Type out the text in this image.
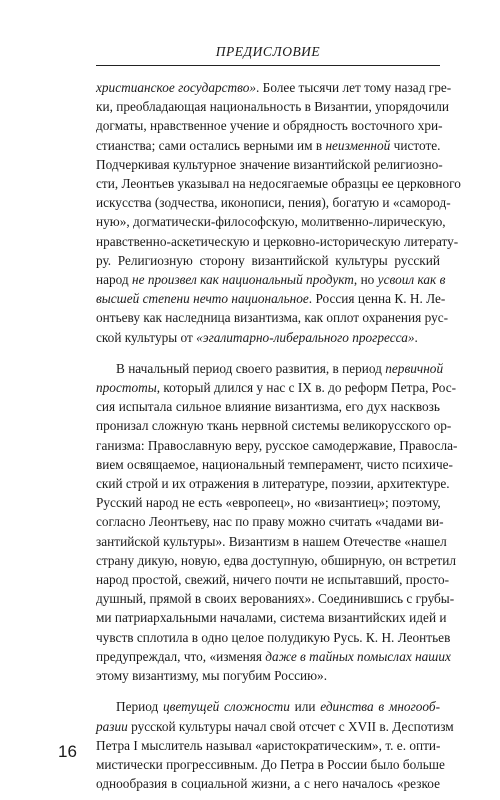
ПРЕДИСЛОВИЕ
христианское государство». Более тысячи лет тому назад гре-
ки, преобладающая национальность в Византии, упорядочили
догматы, нравственное учение и обрядность восточного хри-
стианства; сами остались верными им в неизменной чистоте.
Подчеркивая культурное значение византийской религиозно-
сти, Леонтьев указывал на недосягаемые образцы ее церковного
искусства (зодчества, иконописи, пения), богатую и «самород-
ную», догматически-философскую, молитвенно-лирическую,
нравственно-аскетическую и церковно-историческую литерату-
ру. Религиозную сторону византийской культуры русский
народ не произвел как национальный продукт, но усвоил как в
высшей степени нечто национальное. Россия ценна К. Н. Ле-
онтьеву как наследница византизма, как оплот охранения рус-
ской культуры от «эгалитарно-либерального прогресса».
В начальный период своего развития, в период первичной
простоты, который длился у нас с IX в. до реформ Петра, Рос-
сия испытала сильное влияние византизма, его дух насквозь
пронизал сложную ткань нервной системы великорусского ор-
ганизма: Православную веру, русское самодержавие, Правосла-
вием освящаемое, национальный темперамент, чисто психиче-
ский строй и их отражения в литературе, поэзии, архитектуре.
Русский народ не есть «европеец», но «византиец»; поэтому,
согласно Леонтьеву, нас по праву можно считать «чадами ви-
зантийской культуры». Византизм в нашем Отечестве «нашел
страну дикую, новую, едва доступную, обширную, он встретил
народ простой, свежий, ничего почти не испытавший, просто-
душный, прямой в своих верованиях». Соединившись с грубы-
ми патриархальными началами, система византийских идей и
чувств сплотила в одно целое полудикую Русь. К. Н. Леонтьев
предупреждал, что, «изменяя даже в тайных помыслах наших
этому византизму, мы погубим Россию».
Период цветущей сложности или единства в многооб-
разии русской культуры начал свой отсчет с XVII в. Деспотизм
Петра I мыслитель называл «аристократическим», т. е. опти-
мистически прогрессивным. До Петра в России было больше
однообразия в социальной жизни, а с него началось «резкое
16
